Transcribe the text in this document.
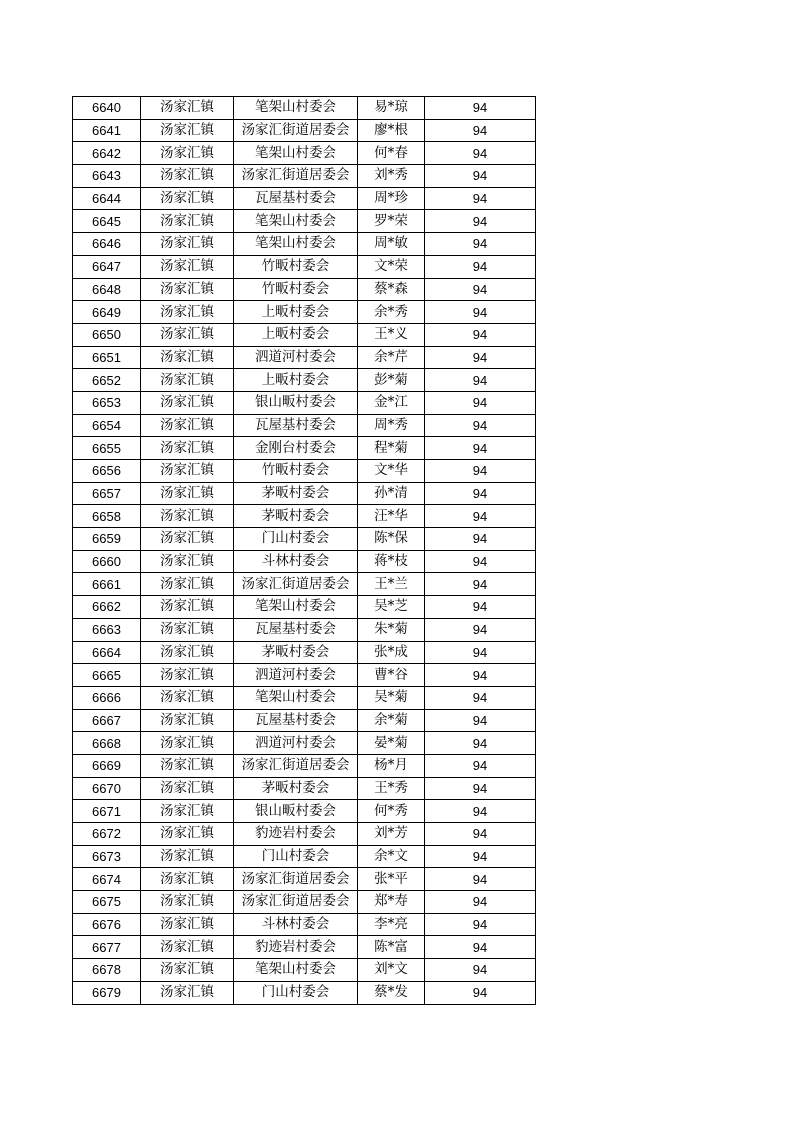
6640	汤家汇镇	笔架山村委会	易*琼	94
6641	汤家汇镇	汤家汇街道居委会	廖*根	94
6642	汤家汇镇	笔架山村委会	何*春	94
6643	汤家汇镇	汤家汇街道居委会	刘*秀	94
6644	汤家汇镇	瓦屋基村委会	周*珍	94
6645	汤家汇镇	笔架山村委会	罗*荣	94
6646	汤家汇镇	笔架山村委会	周*敏	94
6647	汤家汇镇	竹畈村委会	文*荣	94
6648	汤家汇镇	竹畈村委会	蔡*森	94
6649	汤家汇镇	上畈村委会	余*秀	94
6650	汤家汇镇	上畈村委会	王*义	94
6651	汤家汇镇	泗道河村委会	余*芹	94
6652	汤家汇镇	上畈村委会	彭*菊	94
6653	汤家汇镇	银山畈村委会	金*江	94
6654	汤家汇镇	瓦屋基村委会	周*秀	94
6655	汤家汇镇	金刚台村委会	程*菊	94
6656	汤家汇镇	竹畈村委会	文*华	94
6657	汤家汇镇	茅畈村委会	孙*清	94
6658	汤家汇镇	茅畈村委会	汪*华	94
6659	汤家汇镇	门山村委会	陈*保	94
6660	汤家汇镇	斗林村委会	蒋*枝	94
6661	汤家汇镇	汤家汇街道居委会	王*兰	94
6662	汤家汇镇	笔架山村委会	吴*芝	94
6663	汤家汇镇	瓦屋基村委会	朱*菊	94
6664	汤家汇镇	茅畈村委会	张*成	94
6665	汤家汇镇	泗道河村委会	曹*谷	94
6666	汤家汇镇	笔架山村委会	吴*菊	94
6667	汤家汇镇	瓦屋基村委会	余*菊	94
6668	汤家汇镇	泗道河村委会	晏*菊	94
6669	汤家汇镇	汤家汇街道居委会	杨*月	94
6670	汤家汇镇	茅畈村委会	王*秀	94
6671	汤家汇镇	银山畈村委会	何*秀	94
6672	汤家汇镇	豹迹岩村委会	刘*芳	94
6673	汤家汇镇	门山村委会	余*文	94
6674	汤家汇镇	汤家汇街道居委会	张*平	94
6675	汤家汇镇	汤家汇街道居委会	郑*寿	94
6676	汤家汇镇	斗林村委会	李*亮	94
6677	汤家汇镇	豹迹岩村委会	陈*富	94
6678	汤家汇镇	笔架山村委会	刘*文	94
6679	汤家汇镇	门山村委会	蔡*发	94
